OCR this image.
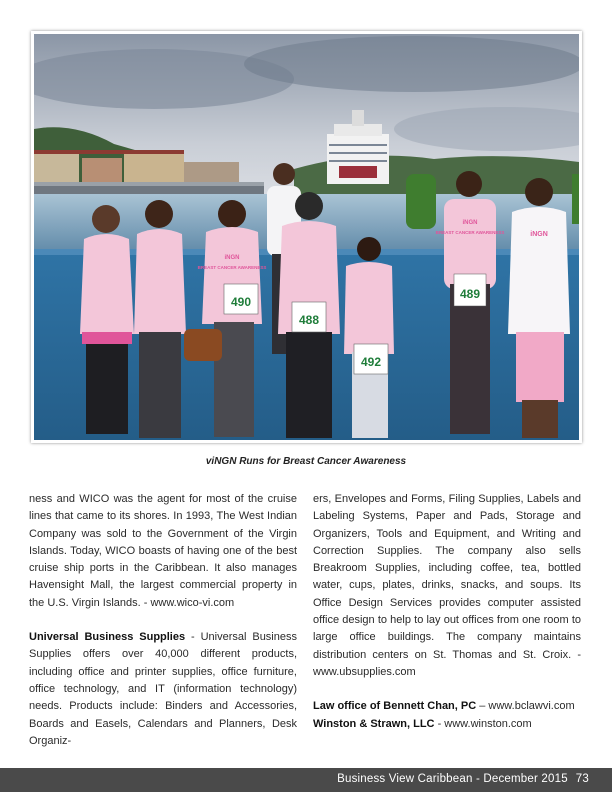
490
488
492
489
iNGN
BREAST CANCER AWARENESS
iNGN
BREAST CANCER AWARENESS	iNGN
viNGN Runs for Breast Cancer Awareness

ness and WICO was the agent for most of the cruise lines that came to its shores. In 1993, The West Indian Company was sold to the Government of the Virgin Islands. Today, WICO boasts of having one of the best cruise ship ports in the Caribbean. It also manages Havensight Mall, the largest commercial property in the U.S. Virgin Islands. - www.wico-vi.com

Universal Business Supplies - Universal Business Supplies offers over 40,000 different products, including office and printer supplies, office furniture, office technology, and IT (information technology) needs. Products include: Binders and Accessories, Boards and Easels, Calendars and Planners, Desk Organiz-

ers, Envelopes and Forms, Filing Supplies, Labels and Labeling Systems, Paper and Pads, Storage and Organizers, Tools and Equipment, and Writing and Correction Supplies. The company also sells Breakroom Supplies, including coffee, tea, bottled water, cups, plates, drinks, snacks, and soups. Its Office Design Services provides computer assisted office design to help to lay out offices from one room to large office buildings. The company maintains distribution centers on St. Thomas and St. Croix. -www.ubsupplies.com

Law office of Bennett Chan, PC – www.bclawvi.com

Winston & Strawn, LLC - www.winston.com

Business View Caribbean - December 2015 73
